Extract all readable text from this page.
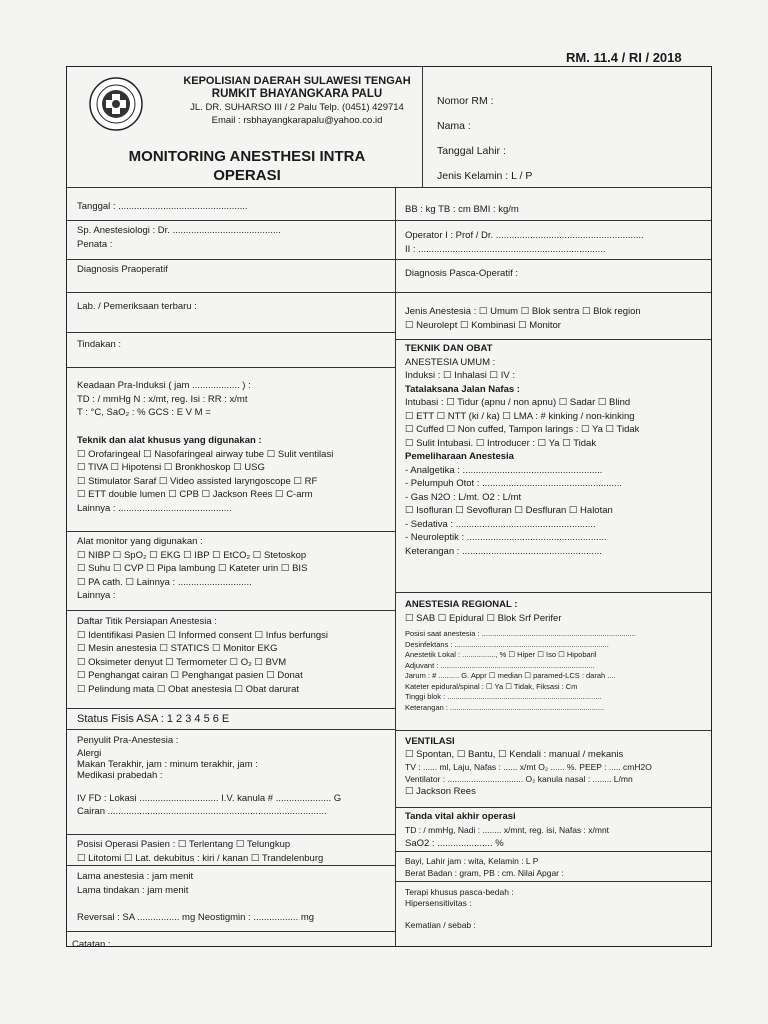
RM. 11.4 / RI / 2018
KEPOLISIAN DAERAH SULAWESI TENGAH
RUMKIT BHAYANGKARA PALU
JL. DR. SUHARSO III / 2 Palu Telp. (0451) 429714
Email : rsbhayangkarapalu@yahoo.co.id
MONITORING ANESTHESI INTRA
OPERASI
Nomor RM :
Nama :
Tanggal Lahir :
Jenis Kelamin : L / P
Tanggal : .................................................
Sp. Anestesiologi : Dr. .........................................
Penata :
Diagnosis Praoperatif
Lab. / Pemeriksaan terbaru :
Tindakan :
Keadaan Pra-Induksi ( jam .................. ) :
TD : / mmHg N : x/mt, reg. Isi : RR : x/mt
T : °C, SaO₂ : % GCS : E V M =
Teknik dan alat khusus yang digunakan :
☐ Orofaringeal ☐ Nasofaringeal airway tube ☐ Sulit ventilasi
☐ TIVA ☐ Hipotensi ☐ Bronkhoskop ☐ USG
☐ Stimulator Saraf ☐ Video assisted laryngoscope ☐ RF
☐ ETT double lumen ☐ CPB ☐ Jackson Rees ☐ C-arm
Lainnya : ...........................................
Alat monitor yang digunakan :
☐ NIBP ☐ SpO₂ ☐ EKG ☐ IBP ☐ EtCO₂ ☐ Stetoskop
☐ Suhu ☐ CVP ☐ Pipa lambung ☐ Kateter urin ☐ BIS
☐ PA cath. ☐ Lainnya : ............................
Lainnya :
Daftar Titik Persiapan Anestesia :
☐ Identifikasi Pasien ☐ Informed consent ☐ Infus berfungsi
☐ Mesin anestesia ☐ STATICS ☐ Monitor EKG
☐ Oksimeter denyut ☐ Termometer ☐ O₂ ☐ BVM
☐ Penghangat cairan ☐ Penghangat pasien ☐ Donat
☐ Pelindung mata ☐ Obat anestesia ☐ Obat darurat
Status Fisis ASA : 1 2 3 4 5 6 E
Penyulit Pra-Anestesia :
Alergi
Makan Terakhir, jam : minum terakhir, jam :
Medikasi prabedah :
IV FD : Lokasi .............................. I.V. kanula # ..................... G
Cairan ...................................................................................
Posisi Operasi Pasien : ☐ Terlentang ☐ Telungkup
☐ Litotomi ☐ Lat. dekubitus : kiri / kanan ☐ Trandelenburg
Lama anestesia : jam menit
Lama tindakan : jam menit
Reversal : SA ................ mg Neostigmin : ................. mg
BB : kg TB : cm BMI : kg/m
Operator I : Prof / Dr. ........................................................
II : .......................................................................
Diagnosis Pasca-Operatif :
Jenis Anestesia : ☐ Umum ☐ Blok sentra ☐ Blok region
☐ Neurolept ☐ Kombinasi ☐ Monitor
TEKNIK DAN OBAT
ANESTESIA UMUM :
Induksi : ☐ Inhalasi ☐ IV :
Tatalaksana Jalan Nafas :
Intubasi : ☐ Tidur (apnu / non apnu) ☐ Sadar ☐ Blind
☐ ETT ☐ NTT (ki / ka) ☐ LMA : # kinking / non-kinking
☐ Cuffed ☐ Non cuffed, Tampon larings : ☐ Ya ☐ Tidak
☐ Sulit Intubasi. ☐ Introducer : ☐ Ya ☐ Tidak
Pemeliharaan Anestesia
- Analgetika : .....................................................
- Pelumpuh Otot : .....................................................
- Gas N2O : L/mt. O2 : L/mt
☐ Isofluran ☐ Sevofluran ☐ Desfluran ☐ Halotan
- Sedativa : .....................................................
- Neuroleptik : .....................................................
Keterangan : .....................................................
ANESTESIA REGIONAL :
☐ SAB ☐ Epidural ☐ Blok Srf Perifer
Posisi saat anestesia : ..........................................................................
Desinfektans : ..........................................................................
Anestetik Lokal : ................, % ☐ Hiper ☐ Iso ☐ Hipobaril
Adjuvant : ..........................................................................
Jarum : # .......... G. Appr ☐ median ☐ paramed-LCS : darah ....
Kateter epidural/spinal : ☐ Ya ☐ Tidak, Fiksasi : Cm
Tinggi blok : ..........................................................................
Keterangan : ..........................................................................
VENTILASI
☐ Spontan, ☐ Bantu, ☐ Kendali : manual / mekanis
TV : ...... ml, Laju, Nafas : ...... x/mt O₂ ...... %. PEEP : ..... cmH2O
Ventilator : ................................ O₂ kanula nasal : ........ L/mn
☐ Jackson Rees
Tanda vital akhir operasi
TD : / mmHg, Nadi : ........ x/mnt, reg. isi, Nafas : x/mnt
SaO2 : ..................... %
Bayi, Lahir jam : wita, Kelamin : L P
Berat Badan : gram, PB : cm. Nilai Apgar :
Terapi khusus pasca-bedah :
Hipersensitivitas :
Kematian / sebab :
Catatan :
